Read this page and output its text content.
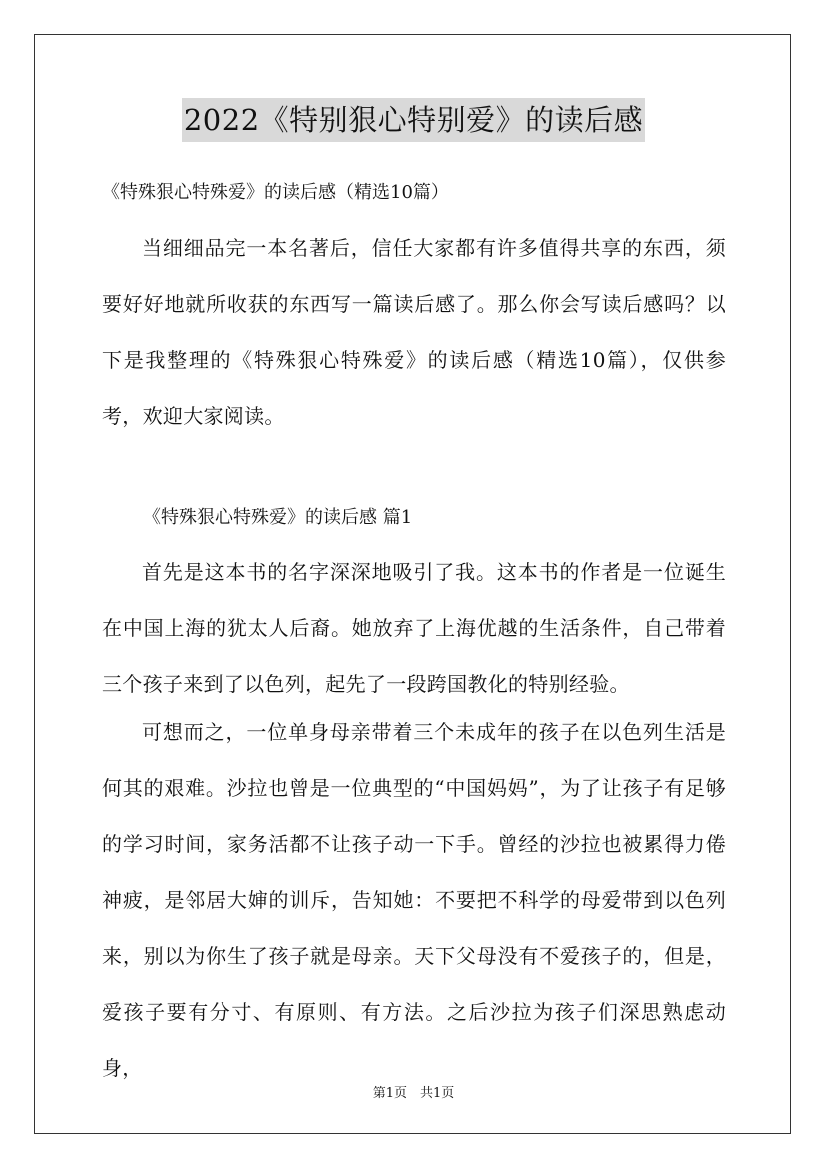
2022《特别狠心特别爱》的读后感
《特殊狠心特殊爱》的读后感（精选10篇）

当细细品完一本名著后，信任大家都有许多值得共享的东西，须要好好地就所收获的东西写一篇读后感了。那么你会写读后感吗？以下是我整理的《特殊狠心特殊爱》的读后感（精选10篇），仅供参考，欢迎大家阅读。

《特殊狠心特殊爱》的读后感 篇1

首先是这本书的名字深深地吸引了我。这本书的作者是一位诞生在中国上海的犹太人后裔。她放弃了上海优越的生活条件，自己带着三个孩子来到了以色列，起先了一段跨国教化的特别经验。

可想而之，一位单身母亲带着三个未成年的孩子在以色列生活是何其的艰难。沙拉也曾是一位典型的“中国妈妈”，为了让孩子有足够的学习时间，家务活都不让孩子动一下手。曾经的沙拉也被累得力倦神疲，是邻居大婶的训斥，告知她：不要把不科学的母爱带到以色列来，别以为你生了孩子就是母亲。天下父母没有不爱孩子的，但是，爱孩子要有分寸、有原则、有方法。之后沙拉为孩子们深思熟虑动身，

第1页　共1页
